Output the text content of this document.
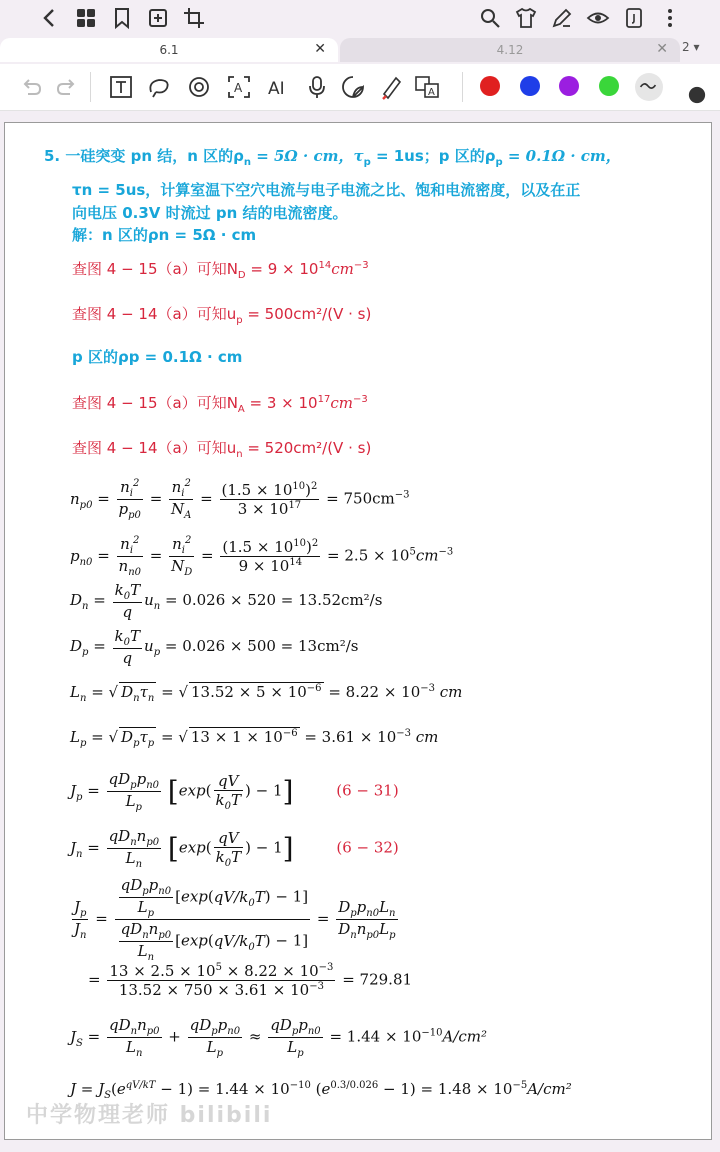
6.1	✕	4.12	✕ 2 ▾
A AI	A
5. 一硅突变 pn 结，n 区的$\rho_n = 5\Omega$ · cm，$\tau_p = 1us$；p 区的$\rho_p = 0.1\Omega$ · cm，
τn = 5us，计算室温下空穴电流与电子电流之比、饱和电流密度，以及在正
向电压 0.3V 时流过 pn 结的电流密度。
解：n 区的ρn = 5Ω · cm
查图 4 − 15（a）可知$N_D = 9 \times 10^{14}cm^{-3}$
查图 4 − 14（a）可知$u_p = 500cm^2/(V \cdot s)$
p 区的ρp = 0.1Ω · cm
查图 4 − 15（a）可知$N_A = 3 \times 10^{17}cm^{-3}$
查图 4 − 14（a）可知$u_n = 520cm^2/(V \cdot s)$
$n_{p0} = \frac{n_i^2}{p_{p0}} = \frac{n_i^2}{N_A} = \frac{(1.5 \times 10^{10})^2}{3 \times 10^{17}} = 750cm^{-3}$
$p_{n0} = \frac{n_i^2}{n_{n0}} = \frac{n_i^2}{N_D} = \frac{(1.5 \times 10^{10})^2}{9 \times 10^{14}} = 2.5 \times 10^5cm^{-3}$
$D_n = \frac{k_0T}{q} u_n = 0.026 \times 520 = 13.52cm^2/s$
$D_p = \frac{k_0T}{q} u_p = 0.026 \times 500 = 13cm^2/s$
$L_n$ = √ $D_n\tau_n$ = √ $13.52 \times 5 \times 10^{-6} = 8.22 \times 10^{-3}$ cm
$L_p$ = √ $D_p\tau_p$ = √ $13 \times 1 \times 10^{-6} = 3.61 \times 10^{-3}$ cm
$J_p = \frac{qD_pp_{n0}}{L_p} [\exp( \frac{qV}{k_0T}$ ) − 1]	(6 − 31)
$J_n = \frac{qD_nn_{p0}}{L_n} [\exp( \frac{qV}{k_0T}$ ) − 1]	(6 − 32)
$\frac{J_p}{J_n} = \frac{\frac{qD_pp_{n0}}{L_p} [\exp(qV/k_0T) - 1]}{\frac{qD_nn_{p0}}{L_n} [\exp(qV/k_0T) - 1]} = \frac{D_pp_{n0}L_n}{D_nn_{p0}L_p}$
= $\frac{13 \times 2.5 \times 10^5 \times 8.22 \times 10^{-3}}{13.52 \times 750 \times 3.61 \times 10^{-3}} = 729.81$
$J_S = \frac{qD_nn_{p0}}{L_n} + \frac{qD_pp_{n0}}{L_p} \approx \frac{qD_pp_{n0}}{L_p} = 1.44 \times 10^{-10}A/cm^2$
$J = J_S(e^{qV/kT} - 1) = 1.44 \times 10^{-10}$ $(e^{0.3/0.026} - 1) = 1.48 \times 10^{-5}A/cm^2$
中学物理老师 bilibili
